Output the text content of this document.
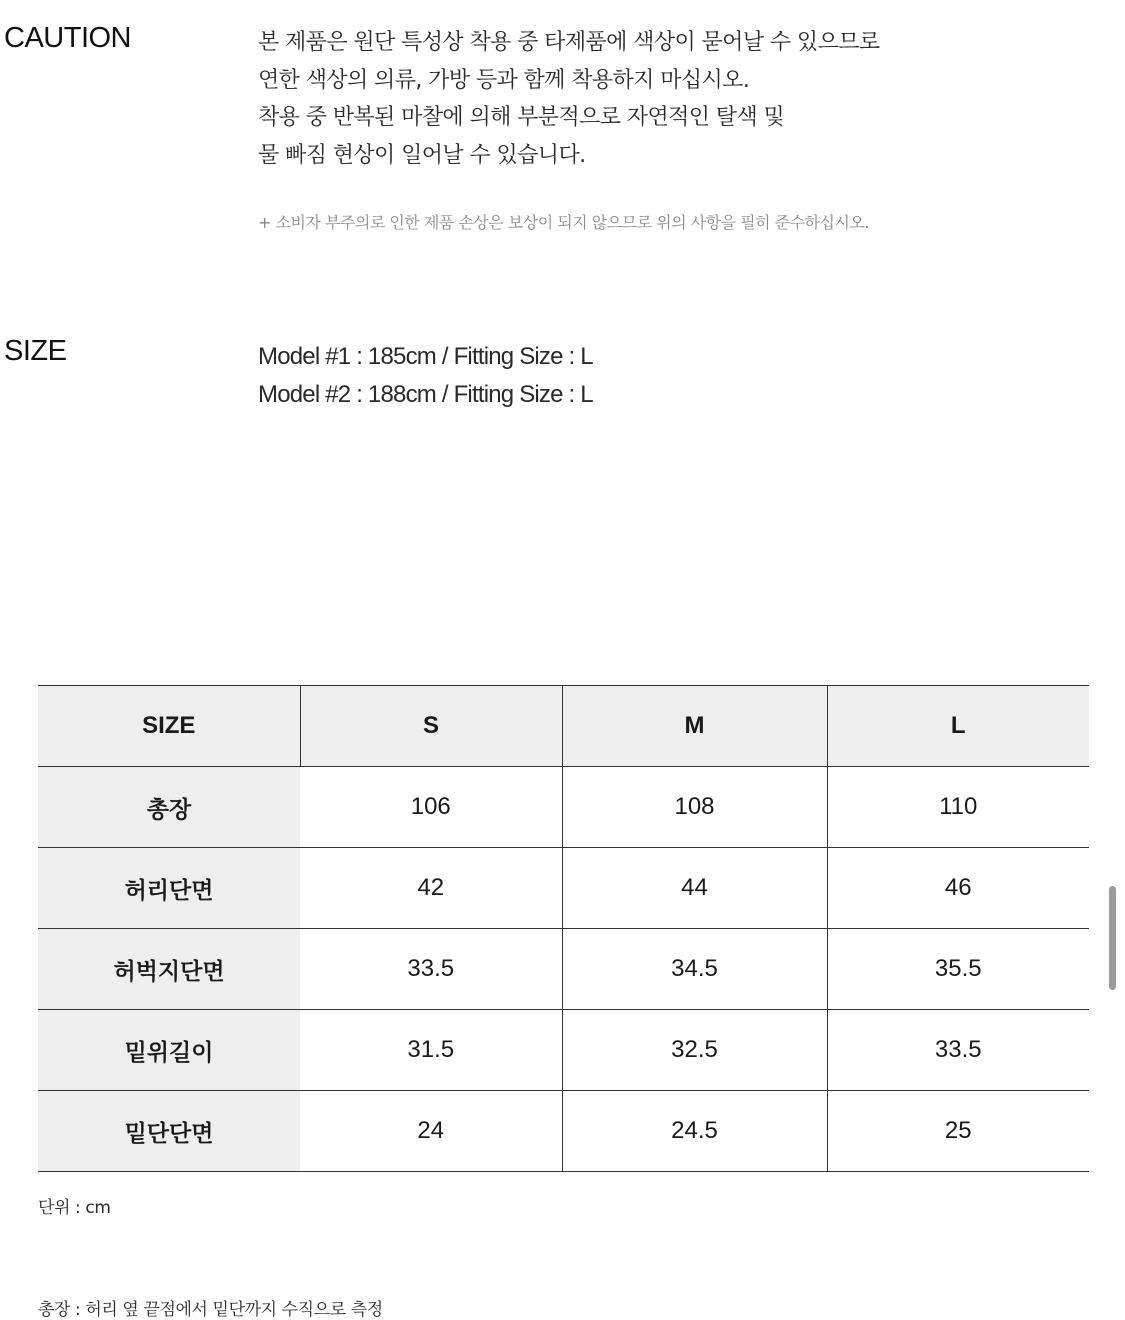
CAUTION	본 제품은 원단 특성상 착용 중 타제품에 색상이 묻어날 수 있으므로
연한 색상의 의류, 가방 등과 함께 착용하지 마십시오.
착용 중 반복된 마찰에 의해 부분적으로 자연적인 탈색 및
물 빠짐 현상이 일어날 수 있습니다.
+ 소비자 부주의로 인한 제품 손상은 보상이 되지 않으므로 위의 사항을 필히 준수하십시오.
SIZE	Model #1 : 185cm / Fitting Size : L
Model #2 : 188cm / Fitting Size : L
SIZE	S	M	L
총장	106	108	110
허리단면	42	44	46
허벅지단면	33.5	34.5	35.5
밑위길이	31.5	32.5	33.5
밑단단면	24	24.5	25
단위 : cm
총장 : 허리 옆 끝점에서 밑단까지 수직으로 측정
